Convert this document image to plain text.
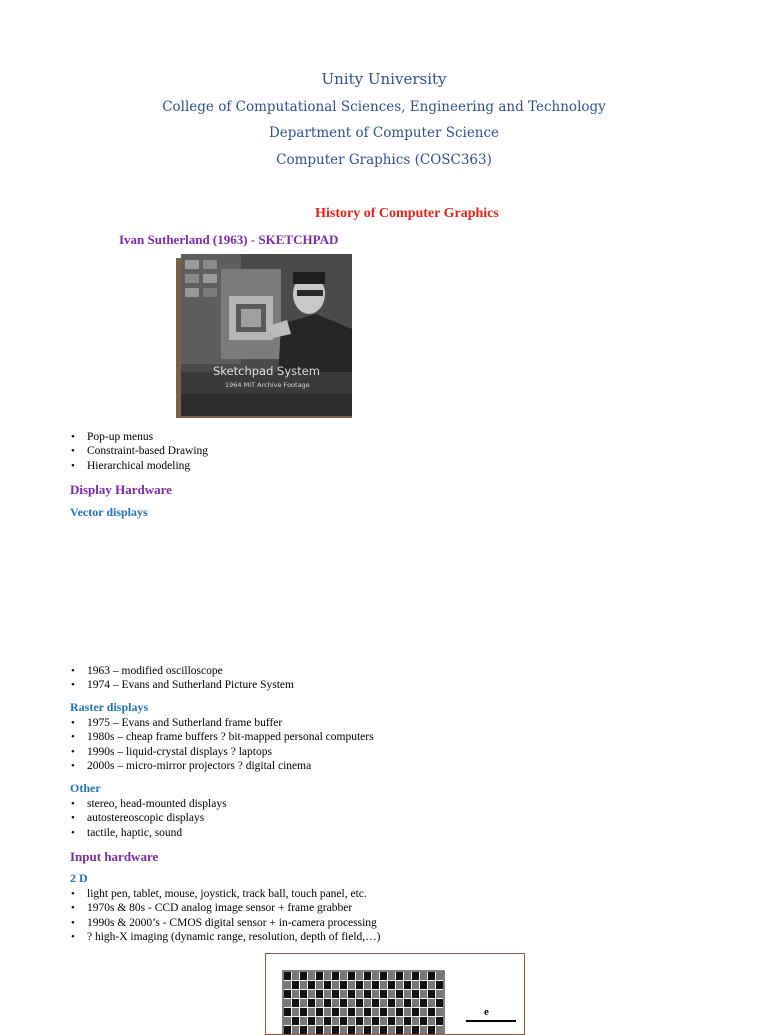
Unity University
College of Computational Sciences, Engineering and Technology
Department of Computer Science
Computer Graphics (COSC363)
History of Computer Graphics
Ivan Sutherland (1963) - SKETCHPAD
Sketchpad System
1964 MIT Archive Footage
• Pop-up menus
• Constraint-based Drawing
• Hierarchical modeling
Display Hardware
Vector displays
• 1963 – modified oscilloscope
• 1974 – Evans and Sutherland Picture System
Raster displays
• 1975 – Evans and Sutherland frame buffer
• 1980s – cheap frame buffers ? bit-mapped personal computers
• 1990s – liquid-crystal displays ? laptops
• 2000s – micro-mirror projectors ? digital cinema
Other
• stereo, head-mounted displays
• autostereoscopic displays
• tactile, haptic, sound
Input hardware
2 D
• light pen, tablet, mouse, joystick, track ball, touch panel, etc.
• 1970s & 80s - CCD analog image sensor + frame grabber
• 1990s & 2000’s - CMOS digital sensor + in-camera processing
• ? high-X imaging (dynamic range, resolution, depth of field,…)
e
